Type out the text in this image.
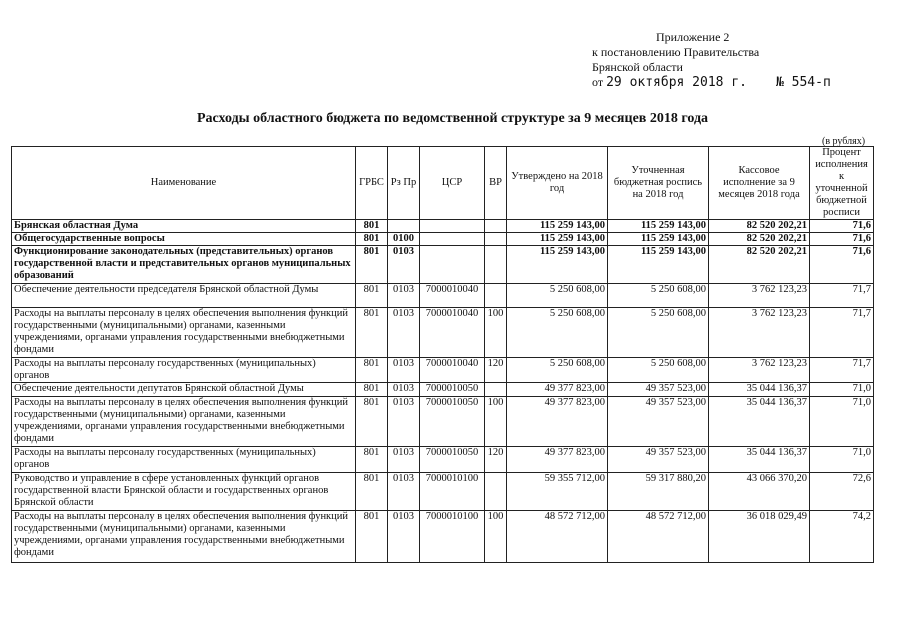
Приложение 2
к постановлению Правительства
Брянской области
от 29 октября 2018 г. № 554-п
Расходы областного бюджета по ведомственной структуре за 9 месяцев 2018 года
(в рублях)
Наименование	ГРБС	Рз Пр	ЦСР	ВР	Утверждено на 2018 год	Уточненная бюджетная роспись на 2018 год	Кассовое исполнение за 9 месяцев 2018 года	Процент исполнения к уточненной бюджетной росписи
Брянская областная Дума	801				115 259 143,00	115 259 143,00	82 520 202,21	71,6
Общегосударственные вопросы	801	0100			115 259 143,00	115 259 143,00	82 520 202,21	71,6
Функционирование законодательных (представительных) органов государственной власти и представительных органов муниципальных образований	801	0103			115 259 143,00	115 259 143,00	82 520 202,21	71,6
Обеспечение деятельности председателя Брянской областной Думы	801	0103	7000010040		5 250 608,00	5 250 608,00	3 762 123,23	71,7
Расходы на выплаты персоналу в целях обеспечения выполнения функций государственными (муниципальными) органами, казенными учреждениями, органами управления государственными внебюджетными фондами	801	0103	7000010040	100	5 250 608,00	5 250 608,00	3 762 123,23	71,7
Расходы на выплаты персоналу государственных (муниципальных) органов	801	0103	7000010040	120	5 250 608,00	5 250 608,00	3 762 123,23	71,7
Обеспечение деятельности депутатов Брянской областной Думы	801	0103	7000010050		49 377 823,00	49 357 523,00	35 044 136,37	71,0
Расходы на выплаты персоналу в целях обеспечения выполнения функций государственными (муниципальными) органами, казенными учреждениями, органами управления государственными внебюджетными фондами	801	0103	7000010050	100	49 377 823,00	49 357 523,00	35 044 136,37	71,0
Расходы на выплаты персоналу государственных (муниципальных) органов	801	0103	7000010050	120	49 377 823,00	49 357 523,00	35 044 136,37	71,0
Руководство и управление в сфере установленных функций органов государственной власти Брянской области и государственных органов Брянской области	801	0103	7000010100		59 355 712,00	59 317 880,20	43 066 370,20	72,6
Расходы на выплаты персоналу в целях обеспечения выполнения функций государственными (муниципальными) органами, казенными учреждениями, органами управления государственными внебюджетными фондами	801	0103	7000010100	100	48 572 712,00	48 572 712,00	36 018 029,49	74,2
